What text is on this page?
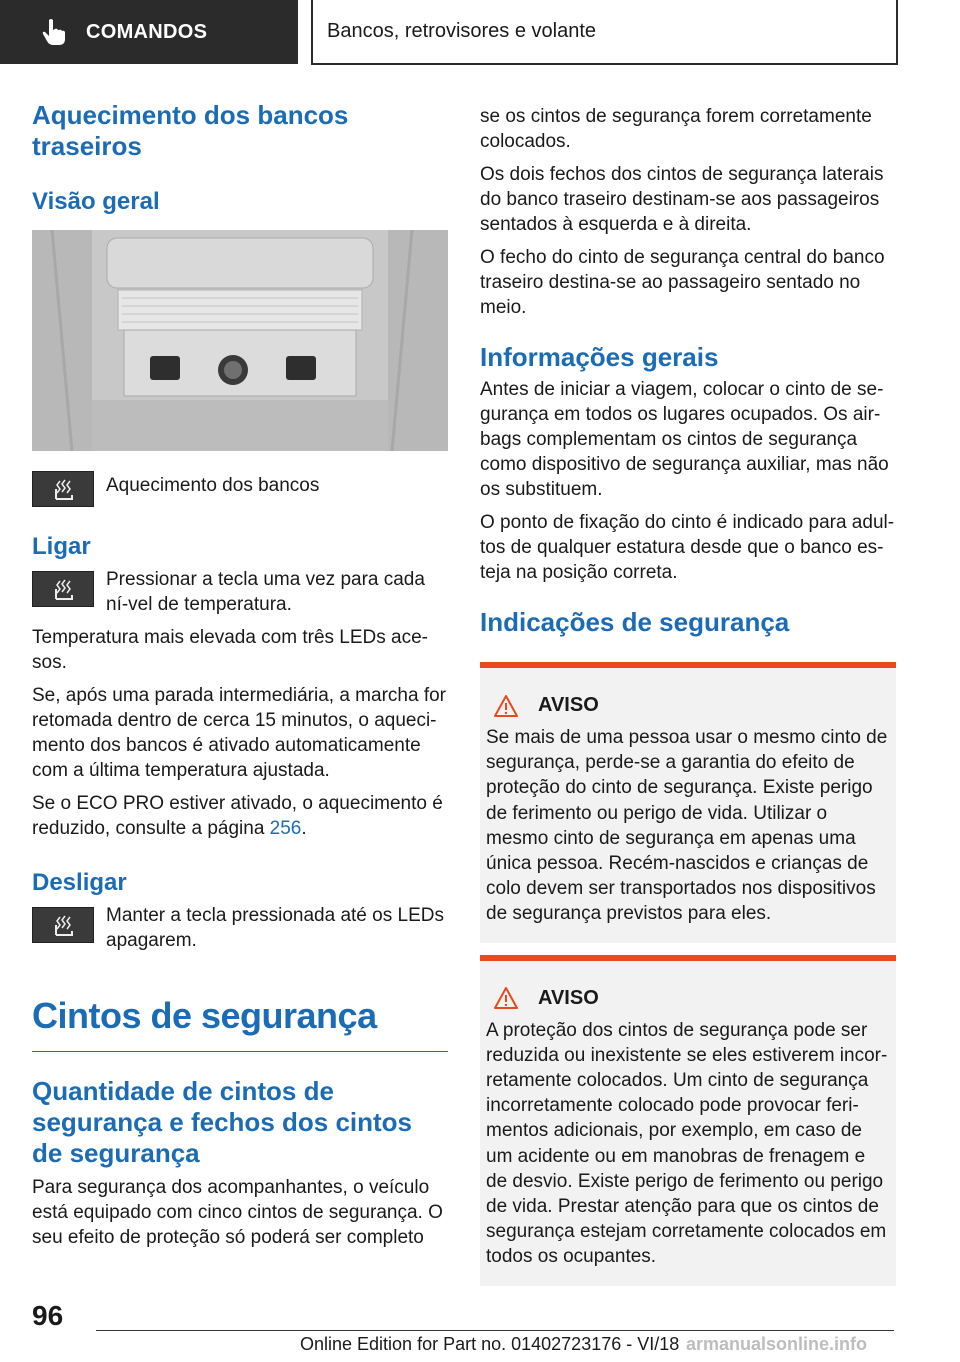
COMANDOS	Bancos, retrovisores e volante
Aquecimento dos bancos traseiros
Visão geral

Aquecimento dos bancos

Ligar

Pressionar a tecla uma vez para cada ní-vel de temperatura.

Temperatura mais elevada com três LEDs ace-sos.

Se, após uma parada intermediária, a marcha for retomada dentro de cerca 15 minutos, o aqueci-mento dos bancos é ativado automaticamente com a última temperatura ajustada.

Se o ECO PRO estiver ativado, o aquecimento é reduzido, consulte a página 256.

Desligar

Manter a tecla pressionada até os LEDs apagarem.

Cintos de segurança
Quantidade de cintos de segurança e fechos dos cintos de segurança

Para segurança dos acompanhantes, o veículo está equipado com cinco cintos de segurança. O seu efeito de proteção só poderá ser completo

se os cintos de segurança forem corretamente colocados.

Os dois fechos dos cintos de segurança laterais do banco traseiro destinam-se aos passageiros sentados à esquerda e à direita.

O fecho do cinto de segurança central do banco traseiro destina-se ao passageiro sentado no meio.

Informações gerais

Antes de iniciar a viagem, colocar o cinto de se-gurança em todos os lugares ocupados. Os air-bags complementam os cintos de segurança como dispositivo de segurança auxiliar, mas não os substituem.

O ponto de fixação do cinto é indicado para adul-tos de qualquer estatura desde que o banco es-teja na posição correta.

Indicações de segurança
AVISO

Se mais de uma pessoa usar o mesmo cinto de segurança, perde-se a garantia do efeito de proteção do cinto de segurança. Existe perigo de ferimento ou perigo de vida. Utilizar o mesmo cinto de segurança em apenas uma única pessoa. Recém-nascidos e crianças de colo devem ser transportados nos dispositivos de segurança previstos para eles.

AVISO

A proteção dos cintos de segurança pode ser reduzida ou inexistente se eles estiverem incor-retamente colocados. Um cinto de segurança incorretamente colocado pode provocar feri-mentos adicionais, por exemplo, em caso de um acidente ou em manobras de frenagem e de desvio. Existe perigo de ferimento ou perigo de vida. Prestar atenção para que os cintos de segurança estejam corretamente colocados em todos os ocupantes.

96
Online Edition for Part no. 01402723176 - VI/18 armanualsonline.info
